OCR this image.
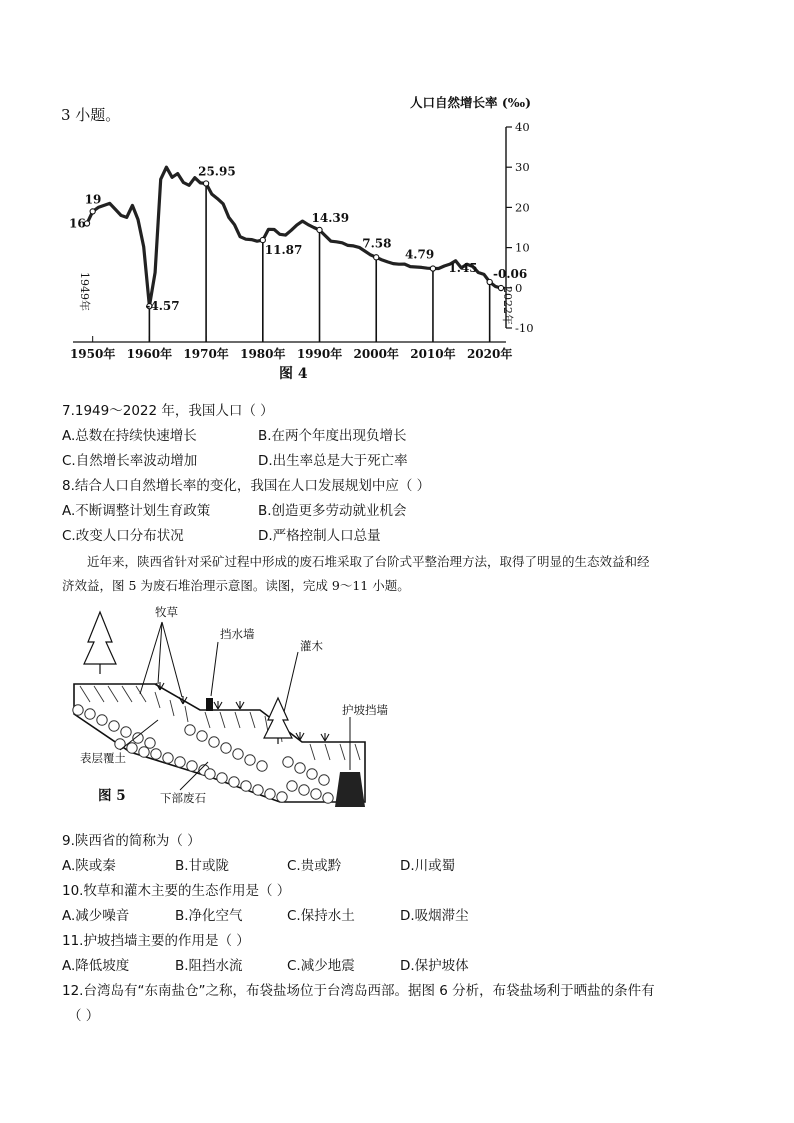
3 小题。
人口自然增长率 (‰)
40
30
20
10
0
-10
16
19
-4.57
25.95
11.87
14.39
7.58
4.79
1.45 -0.06
1950年 1960年 1970年 1980年 1990年 2000年 2010年 2020年
1949年	2022年
图 4
7.1949～2022 年，我国人口（ ）
A.总数在持续快速增长	B.在两个年度出现负增长
C.自然增长率波动增加	D.出生率总是大于死亡率
8.结合人口自然增长率的变化，我国在人口发展规划中应（ ）
A.不断调整计划生育政策	B.创造更多劳动就业机会
C.改变人口分布状况	D.严格控制人口总量
近年来，陕西省针对采矿过程中形成的废石堆采取了台阶式平整治理方法，取得了明显的生态效益和经
济效益，图 5 为废石堆治理示意图。读图，完成 9～11 小题。
牧草
挡水墙
灌木
护坡挡墙
表层覆土
下部废石
图 5
9.陕西省的简称为（ ）
A.陕或秦	B.甘或陇	C.贵或黔	D.川或蜀
10.牧草和灌木主要的生态作用是（ ）
A.减少噪音	B.净化空气	C.保持水土	D.吸烟滞尘
11.护坡挡墙主要的作用是（ ）
A.降低坡度	B.阻挡水流	C.减少地震	D.保护坡体
12.台湾岛有“东南盐仓”之称，布袋盐场位于台湾岛西部。据图 6 分析，布袋盐场利于晒盐的条件有
（ ）
